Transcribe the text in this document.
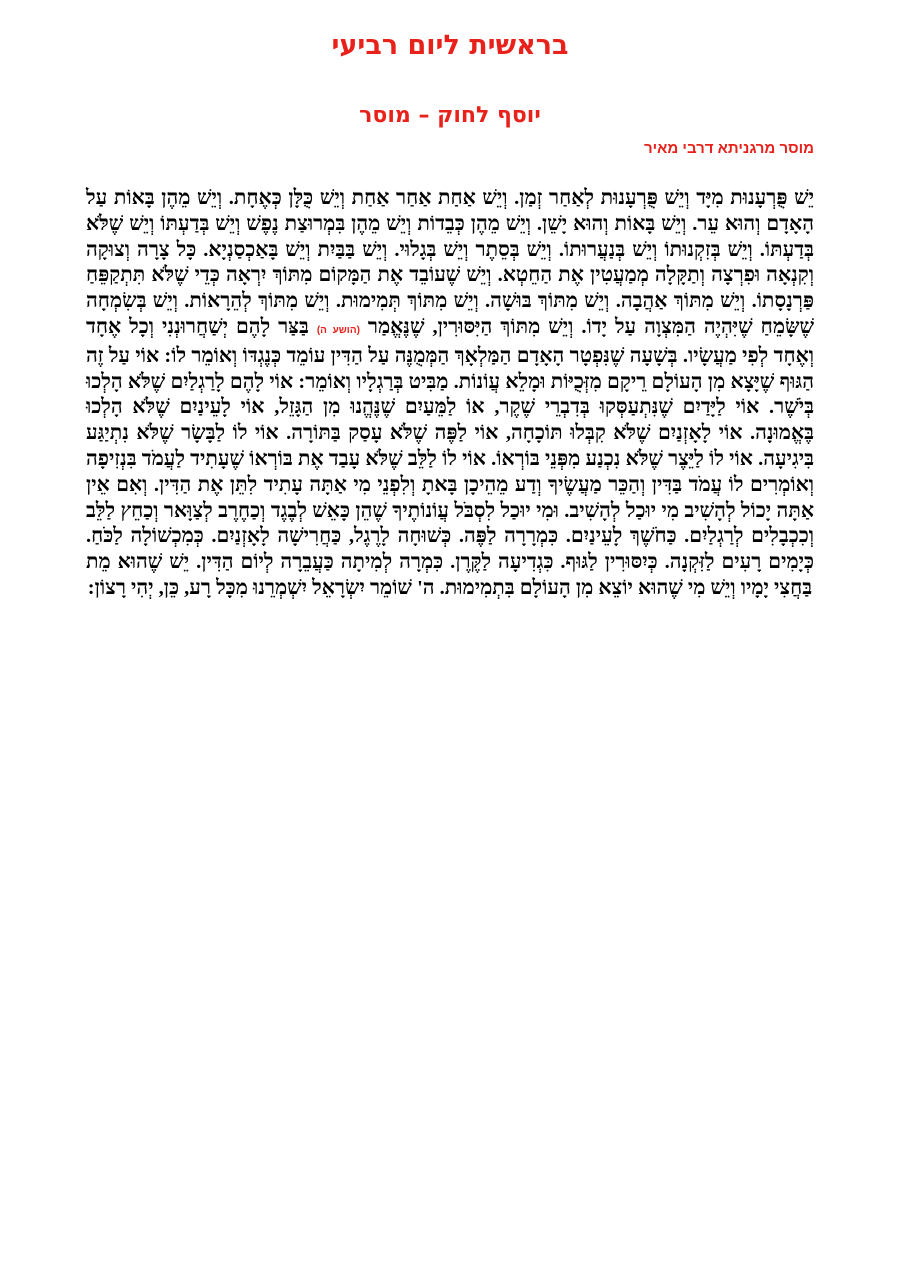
בראשית ליום רביעי
יוסף לחוק – מוסר
מוסר מרגניתא דרבי מאיר
יֵשׁ פֻּרְעָנוּת מִיָּד וְיֵשׁ פֻּרְעָנוּת לְאַחַר זְמַן. וְיֵשׁ אַחַת אַחַר אַחַת וְיֵשׁ כֻּלָּן כְּאֶחָת. וְיֵשׁ מֵהֶן בָּאוֹת עַל הָאָדָם וְהוּא עֵר. וְיֵשׁ בָּאוֹת וְהוּא יָשֵׁן. וְיֵשׁ מֵהֶן כְּבֵדוֹת וְיֵשׁ מֵהֶן בִּמְרוּצַת נֶפֶשׁ וְיֵשׁ בְּדַעְתּוֹ וְיֵשׁ שֶׁלֹּא בְּדַעְתּוֹ. וְיֵשׁ בְּזִקְנוּתוֹ וְיֵשׁ בְּנַעֲרוּתוֹ. וְיֵשׁ בְּסֵתֶר וְיֵשׁ בְּגָלוּי. וְיֵשׁ בַּבַּיִת וְיֵשׁ בָּאַכְסַנְיָא. כָּל צָרָה וְצוּקָה וְקִנְאָה וּפִרְצָה וְתַקָּלָה מְמַעֲטִין אֶת הַחֵטְא. וְיֵשׁ שֶׁעוֹבֵד אֶת הַמָּקוֹם מִתּוֹךְ יִרְאָה כְּדֵי שֶׁלֹּא תִּתְקַפֵּחַ פַּרְנָסָתוֹ. וְיֵשׁ מִתּוֹךְ אַהֲבָה. וְיֵשׁ מִתּוֹךְ בּוּשָׁה. וְיֵשׁ מִתּוֹךְ תְּמִימוּת. וְיֵשׁ מִתּוֹךְ לְהֵרָאוֹת. וְיֵשׁ בְּשִׂמְחָה שֶׁשָּׂמֵחַ שֶׁיִּהְיֶה הַמִּצְוָה עַל יָדוֹ. וְיֵשׁ מִתּוֹךְ הַיִּסּוּרִין, שֶׁנֶּאֱמַר (הושע ה) בַּצַּר לָהֶם יְשַׁחֲרוּנְנִי וְכָל אֶחָד וְאֶחָד לְפִי מַעֲשָׂיו. בְּשָׁעָה שֶׁנִּפְטָר הָאָדָם הַמַּלְאָךְ הַמְּמֻנֶּה עַל הַדִּין עוֹמֵד כְּנֶגְדּוֹ וְאוֹמֵר לוֹ: אוֹי עַל זֶה הַגּוּף שֶׁיָּצָא מִן הָעוֹלָם רֵיקָם מִזְּכֻיּוֹת וּמָלֵא עֲוֹנוֹת. מַבִּיט בְּרַגְלָיו וְאוֹמֵר: אוֹי לָהֶם לָרַגְלַיִם שֶׁלֹּא הָלְכוּ בְּיֹשֶׁר. אוֹי לַיָּדַיִם שֶׁנִּתְעַסְּקוּ בְּדִבְרֵי שֶׁקֶר, אוֹ לַמֵּעַיִם שֶׁנֶּהֱנוּ מִן הַגָּזֵל, אוֹי לָעֵינַיִם שֶׁלֹּא הָלְכוּ בֶּאֱמוּנָה. אוֹי לָאָזְנַיִם שֶׁלֹּא קִבְּלוּ תּוֹכָחָה, אוֹי לַפֶּה שֶׁלֹּא עָסַק בַּתּוֹרָה. אוֹי לוֹ לַבָּשָׂר שֶׁלֹּא נִתְיַגַּע בִּיגִיעָה. אוֹי לוֹ לַיֵּצֶר שֶׁלֹּא נִכְנַע מִפְּנֵי בּוֹרְאוֹ. אוֹי לוֹ לַלֵּב שֶׁלֹּא עָבַד אֶת בּוֹרְאוֹ שֶׁעָתִיד לַעֲמֹד בִּנְזִיפָה וְאוֹמְרִים לוֹ עֲמֹד בַּדִּין וְהַכֵּר מַעֲשֶׂיךָ וְדַע מֵהֵיכָן בָּאתָ וְלִפְנֵי מִי אַתָּה עָתִיד לִתֵּן אֶת הַדִּין. וְאִם אֵין אַתָּה יָכוֹל לְהָשִׁיב מִי יוּכַל לְהָשִׁיב. וּמִי יוּכַל לִסְבֹּל עֲוֹנוֹתֶיךָ שֶׁהֵן כָּאֵשׁ לְבֶגֶד וְכַחֶרֶב לְצַוָּאר וְכַחֵץ לַלֵּב וְכִכְבָלִים לְרַגְלַיִם. כַּחֹשֶׁךְ לָעֵינַיִם. כִּמְרָרָה לַפֶּה. כְּשׁוּחָה לָרֶגֶל, כַּחֲרִישָׁה לָאָזְנַיִם. כְּמִכְשׁוֹלָה לַכֹּחַ. כְּיָמִים רָעִים לַזִּקְנָה. כְּיִסּוּרִין לַגּוּף. כִּגְדִיעָה לַקֶּרֶן. כִּמְרָה לְמִיתָה כַּעֲבֵרָה לְיוֹם הַדִּין. יֵשׁ שֶׁהוּא מֵת בַּחֲצִי יָמָיו וְיֵשׁ מִי שֶׁהוּא יוֹצֵא מִן הָעוֹלָם בִּתְמִימוּת. ה' שׁוֹמֵר יִשְׂרָאֵל יִשְׁמְרֵנוּ מִכָּל רָע, כֵּן, יְהִי רָצוֹן:
